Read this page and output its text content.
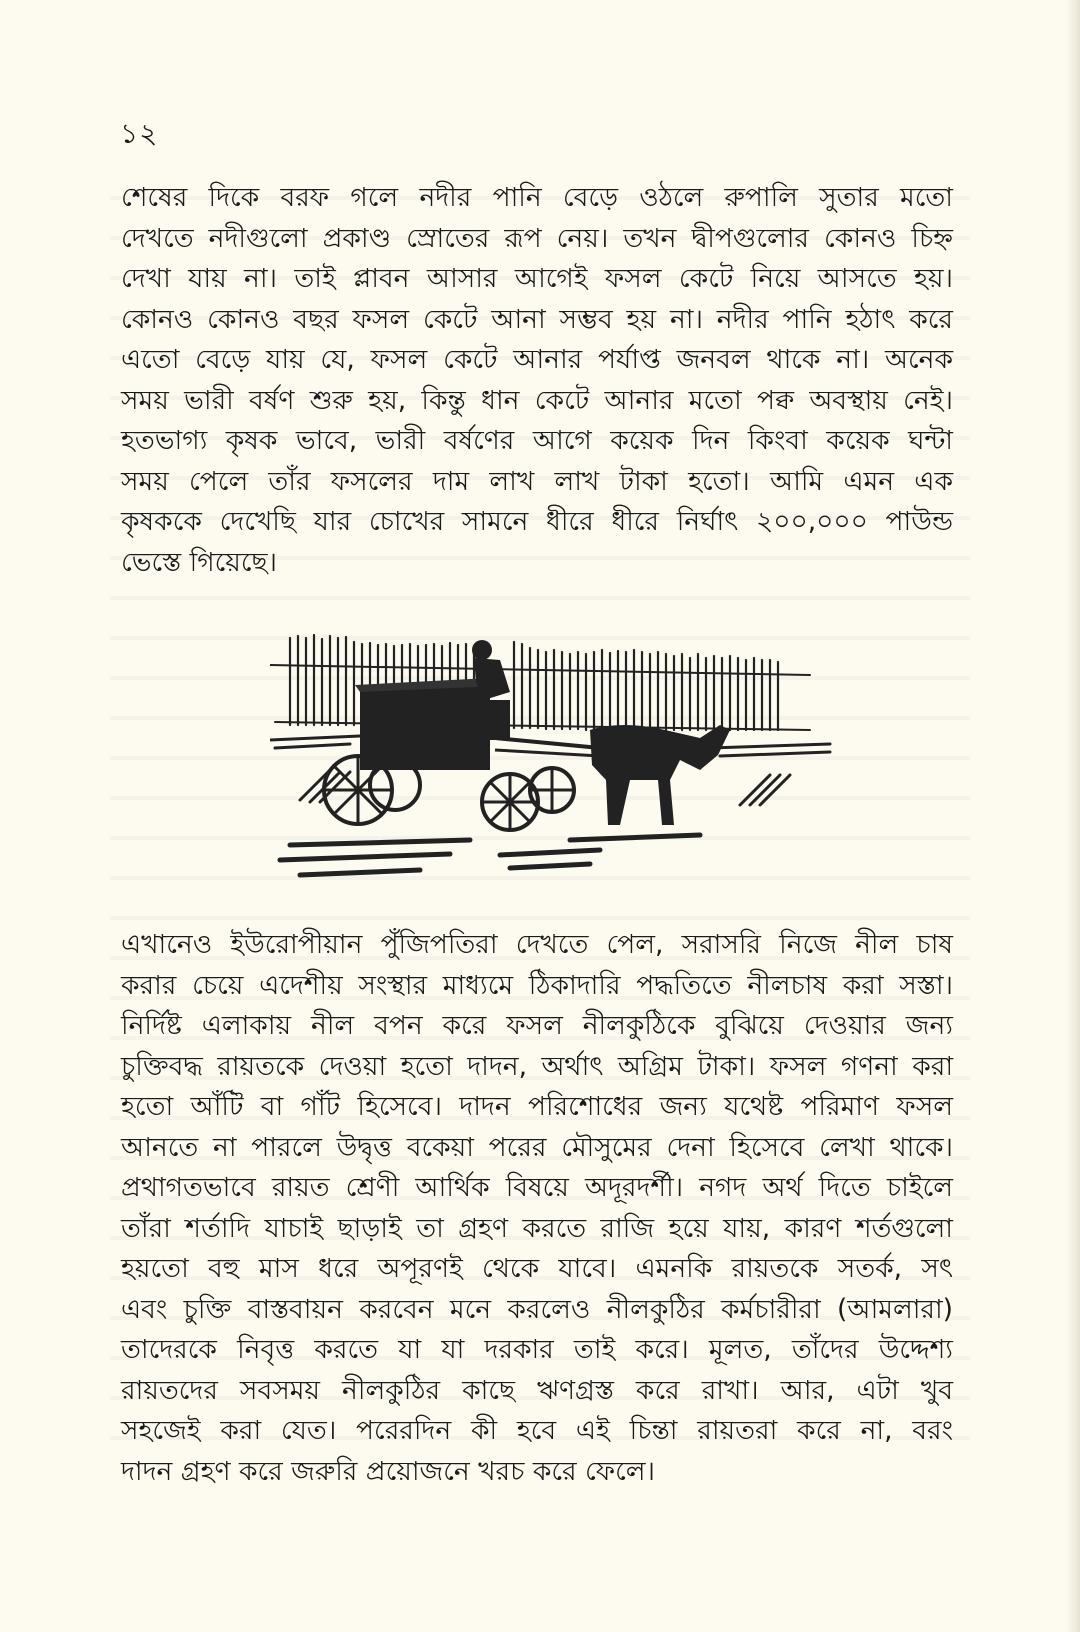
১২
শেষের দিকে বরফ গলে নদীর পানি বেড়ে ওঠলে রুপালি সুতার মতো
দেখতে নদীগুলো প্রকাণ্ড স্রোতের রূপ নেয়। তখন দ্বীপগুলোর কোনও চিহ্ন
দেখা যায় না। তাই প্লাবন আসার আগেই ফসল কেটে নিয়ে আসতে হয়।
কোনও কোনও বছর ফসল কেটে আনা সম্ভব হয় না। নদীর পানি হঠাৎ করে
এতো বেড়ে যায় যে, ফসল কেটে আনার পর্যাপ্ত জনবল থাকে না। অনেক
সময় ভারী বর্ষণ শুরু হয়, কিন্তু ধান কেটে আনার মতো পক্ব অবস্থায় নেই।
হতভাগ্য কৃষক ভাবে, ভারী বর্ষণের আগে কয়েক দিন কিংবা কয়েক ঘন্টা
সময় পেলে তাঁর ফসলের দাম লাখ লাখ টাকা হতো। আমি এমন এক
কৃষককে দেখেছি যার চোখের সামনে ধীরে ধীরে নির্ঘাৎ ২০০,০০০ পাউন্ড
ভেস্তে গিয়েছে।
এখানেও ইউরোপীয়ান পুঁজিপতিরা দেখতে পেল, সরাসরি নিজে নীল চাষ
করার চেয়ে এদেশীয় সংস্থার মাধ্যমে ঠিকাদারি পদ্ধতিতে নীলচাষ করা সস্তা।
নির্দিষ্ট এলাকায় নীল বপন করে ফসল নীলকুঠিকে বুঝিয়ে দেওয়ার জন্য
চুক্তিবদ্ধ রায়তকে দেওয়া হতো দাদন, অর্থাৎ অগ্রিম টাকা। ফসল গণনা করা
হতো আঁটি বা গাঁট হিসেবে। দাদন পরিশোধের জন্য যথেষ্ট পরিমাণ ফসল
আনতে না পারলে উদ্বৃত্ত বকেয়া পরের মৌসুমের দেনা হিসেবে লেখা থাকে।
প্রথাগতভাবে রায়ত শ্রেণী আর্থিক বিষয়ে অদূরদর্শী। নগদ অর্থ দিতে চাইলে
তাঁরা শর্তাদি যাচাই ছাড়াই তা গ্রহণ করতে রাজি হয়ে যায়, কারণ শর্তগুলো
হয়তো বহু মাস ধরে অপূরণই থেকে যাবে। এমনকি রায়তকে সতর্ক, সৎ
এবং চুক্তি বাস্তবায়ন করবেন মনে করলেও নীলকুঠির কর্মচারীরা (আমলারা)
তাদেরকে নিবৃত্ত করতে যা যা দরকার তাই করে। মূলত, তাঁদের উদ্দেশ্য
রায়তদের সবসময় নীলকুঠির কাছে ঋণগ্রস্ত করে রাখা। আর, এটা খুব
সহজেই করা যেত। পরেরদিন কী হবে এই চিন্তা রায়তরা করে না, বরং
দাদন গ্রহণ করে জরুরি প্রয়োজনে খরচ করে ফেলে।
